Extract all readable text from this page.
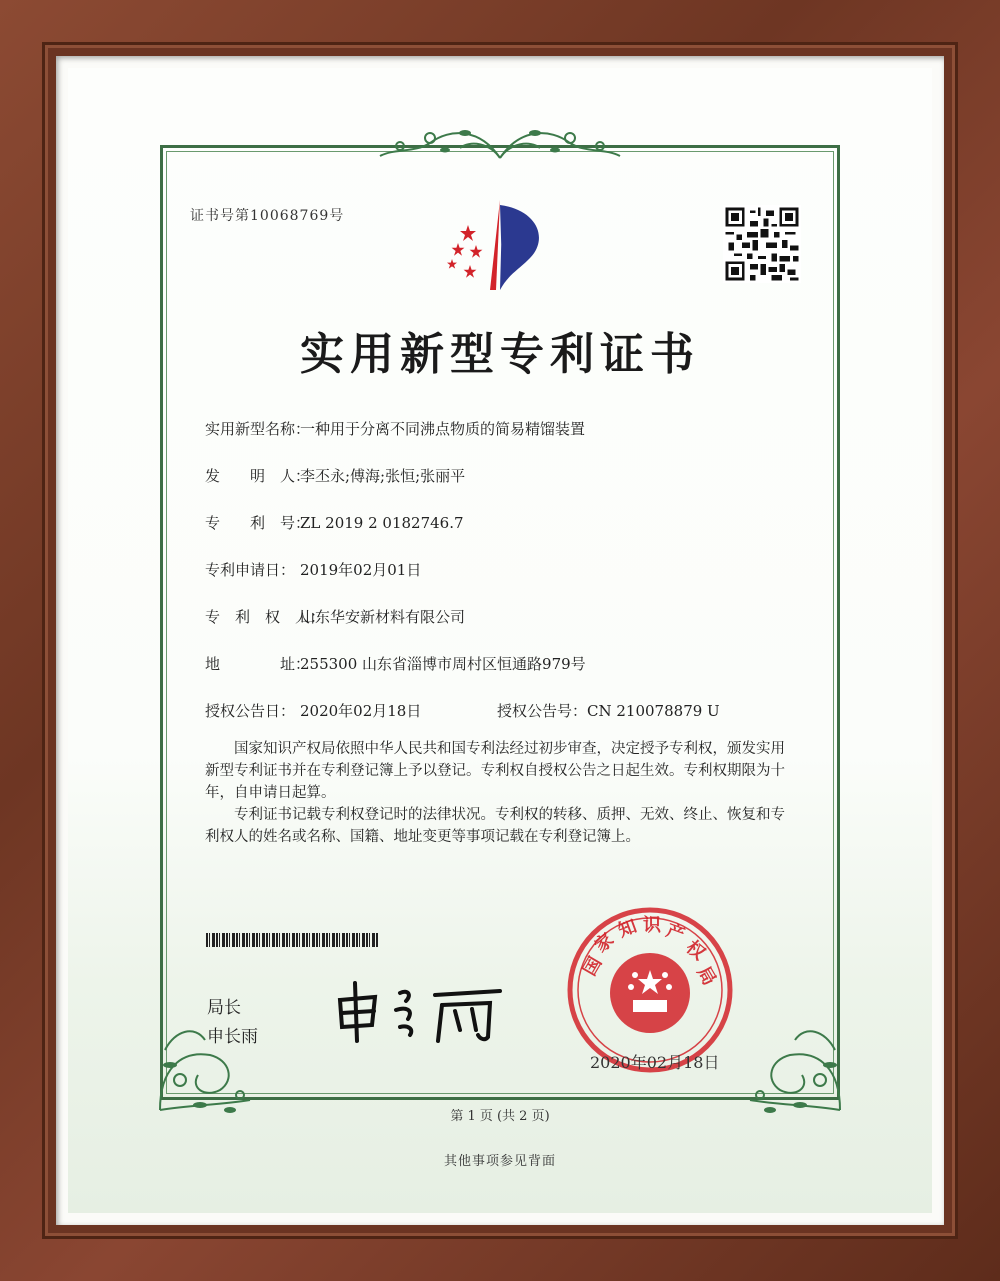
证书号第10068769号
实用新型专利证书
实用新型名称：一种用于分离不同沸点物质的简易精馏装置
发　　明　人：李丕永;傅海;张恒;张丽平
专　　利　号：ZL 2019 2 0182746.7
专利申请日： 2019年02月01日
专　利　权　人：山东华安新材料有限公司
地　　　　址：255300 山东省淄博市周村区恒通路979号
授权公告日： 2020年02月18日	授权公告号：CN 210078879 U

国家知识产权局依照中华人民共和国专利法经过初步审查，决定授予专利权，颁发实用新型专利证书并在专利登记簿上予以登记。专利权自授权公告之日起生效。专利权期限为十年，自申请日起算。

专利证书记载专利权登记时的法律状况。专利权的转移、质押、无效、终止、恢复和专利权人的姓名或名称、国籍、地址变更等事项记载在专利登记簿上。

局长
申长雨
国
家
知 识 产
权
局
2020年02月18日
第 1 页 (共 2 页)
其他事项参见背面
